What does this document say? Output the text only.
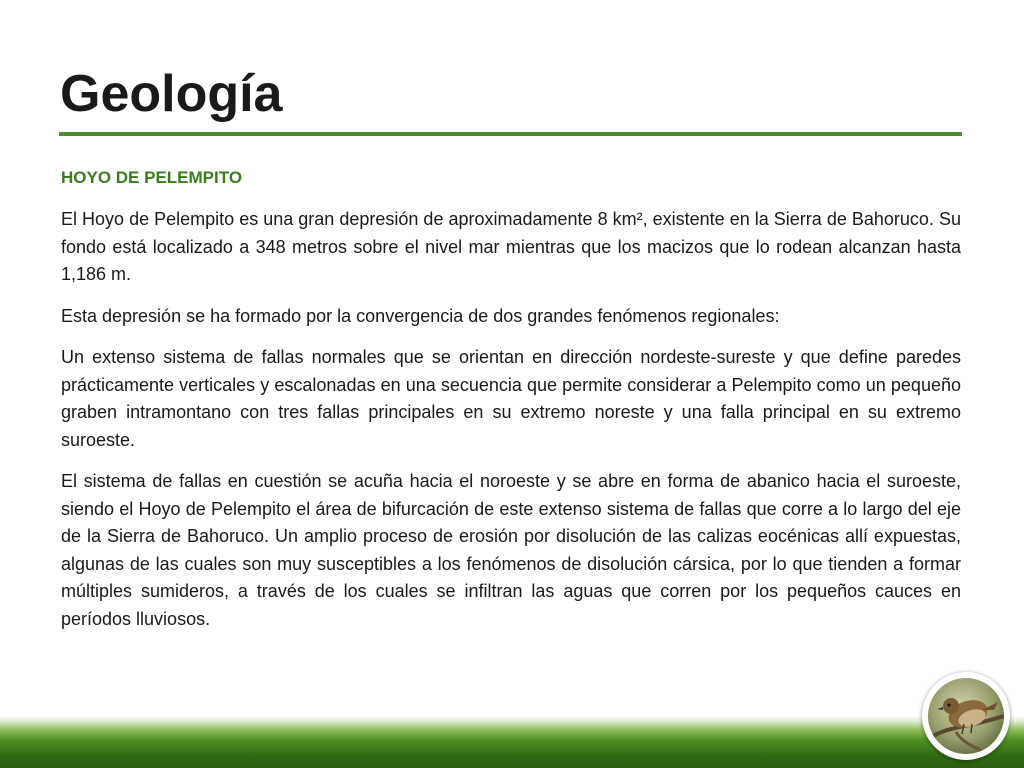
Geología

HOYO DE PELEMPITO

El Hoyo de Pelempito es una gran depresión de aproximadamente 8 km², existente en la Sierra de Bahoruco. Su fondo está localizado a 348 metros sobre el nivel mar mientras que los macizos que lo rodean alcanzan hasta 1,186 m.

Esta depresión se ha formado por la convergencia de dos grandes fenómenos regionales:

Un extenso sistema de fallas normales que se orientan en dirección nordeste-sureste y que define paredes prácticamente verticales y escalonadas en una secuencia que permite considerar a Pelempito como un pequeño graben intramontano con tres fallas principales en su extremo noreste y una falla principal en su extremo suroeste.

El sistema de fallas en cuestión se acuña hacia el noroeste y se abre en forma de abanico hacia el suroeste, siendo el Hoyo de Pelempito el área de bifurcación de este extenso sistema de fallas que corre a lo largo del eje de la Sierra de Bahoruco. Un amplio proceso de erosión por disolución de las calizas eocénicas allí expuestas, algunas de las cuales son muy susceptibles a los fenómenos de disolución cársica, por lo que tienden a formar múltiples sumideros, a través de los cuales se infiltran las aguas que corren por los pequeños cauces en períodos lluviosos.
